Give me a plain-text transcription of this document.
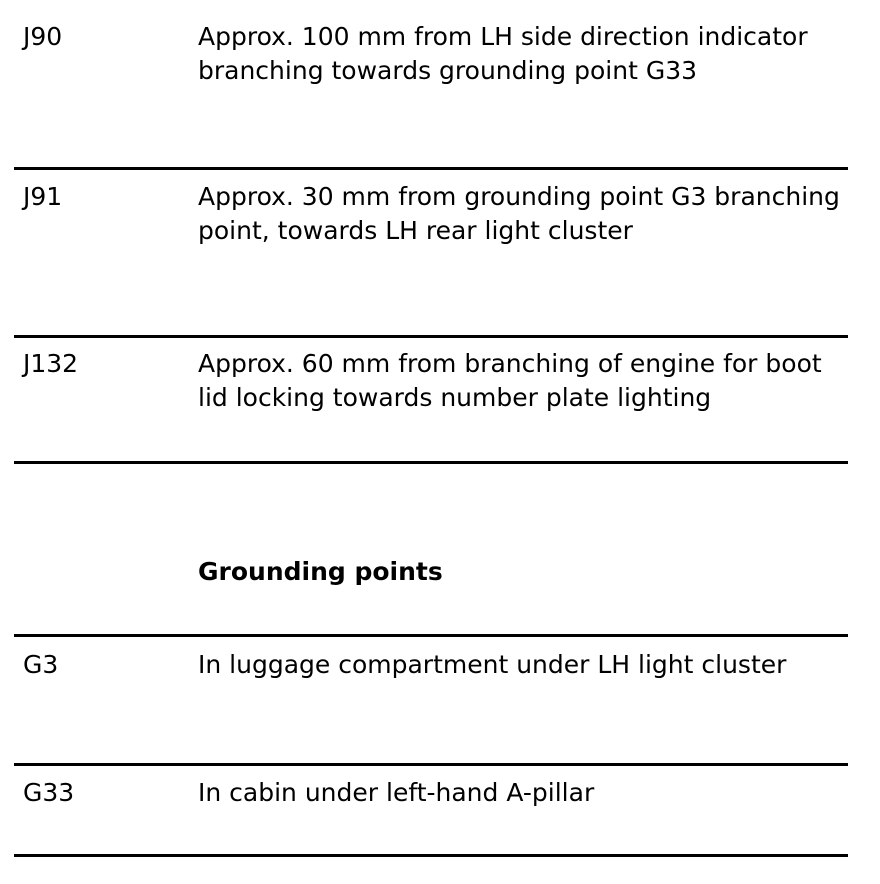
J90	Approx. 100 mm from LH side direction indicator branching towards grounding point G33
J91	Approx. 30 mm from grounding point G3 branching point, towards LH rear light cluster
J132	Approx. 60 mm from branching of engine for boot lid locking towards number plate lighting
Grounding points
G3	In luggage compartment under LH light cluster
G33	In cabin under left-hand A-pillar
